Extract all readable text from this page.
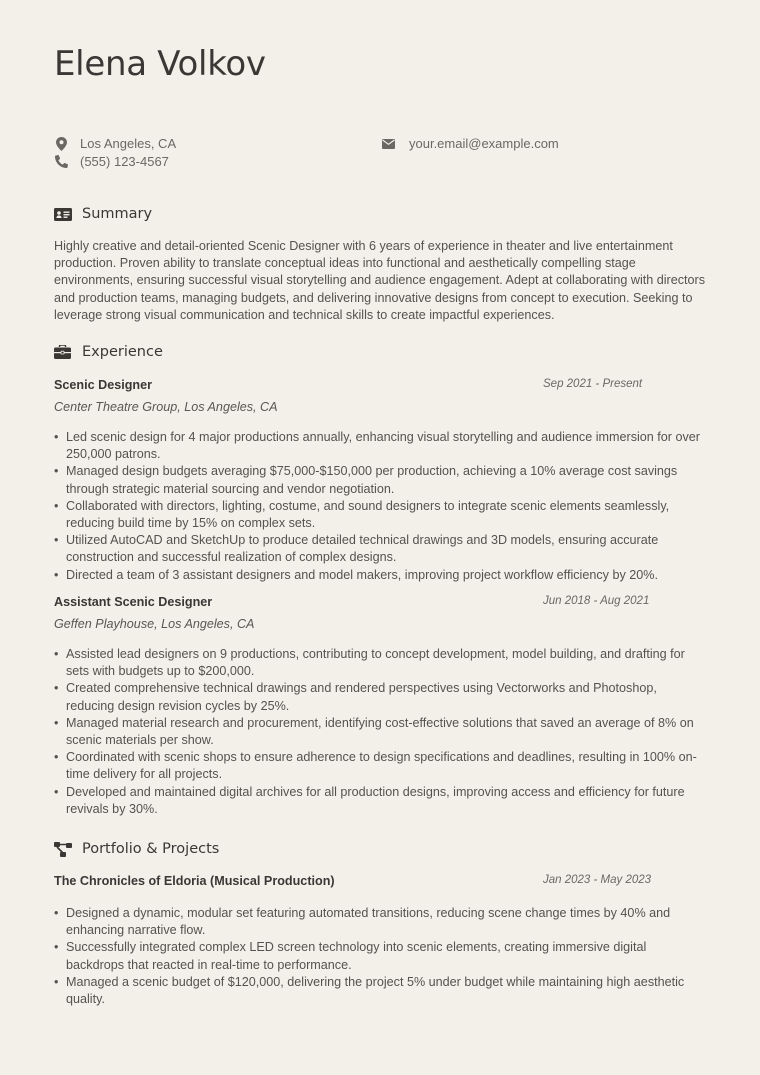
Elena Volkov
Los Angeles, CA
(555) 123-4567
your.email@example.com
Summary

Highly creative and detail-oriented Scenic Designer with 6 years of experience in theater and live entertainment production. Proven ability to translate conceptual ideas into functional and aesthetically compelling stage environments, ensuring successful visual storytelling and audience engagement. Adept at collaborating with directors and production teams, managing budgets, and delivering innovative designs from concept to execution. Seeking to leverage strong visual communication and technical skills to create impactful experiences.

Experience
Scenic Designer	Sep 2021 - Present
Center Theatre Group, Los Angeles, CA
• Led scenic design for 4 major productions annually, enhancing visual storytelling and audience immersion for over 250,000 patrons.
• Managed design budgets averaging $75,000-$150,000 per production, achieving a 10% average cost savings through strategic material sourcing and vendor negotiation.
• Collaborated with directors, lighting, costume, and sound designers to integrate scenic elements seamlessly, reducing build time by 15% on complex sets.
• Utilized AutoCAD and SketchUp to produce detailed technical drawings and 3D models, ensuring accurate construction and successful realization of complex designs.
• Directed a team of 3 assistant designers and model makers, improving project workflow efficiency by 20%.
Assistant Scenic Designer	Jun 2018 - Aug 2021
Geffen Playhouse, Los Angeles, CA
• Assisted lead designers on 9 productions, contributing to concept development, model building, and drafting for sets with budgets up to $200,000.
• Created comprehensive technical drawings and rendered perspectives using Vectorworks and Photoshop, reducing design revision cycles by 25%.
• Managed material research and procurement, identifying cost-effective solutions that saved an average of 8% on scenic materials per show.
• Coordinated with scenic shops to ensure adherence to design specifications and deadlines, resulting in 100% on-time delivery for all projects.
• Developed and maintained digital archives for all production designs, improving access and efficiency for future revivals by 30%.
Portfolio & Projects
The Chronicles of Eldoria (Musical Production)	Jan 2023 - May 2023
• Designed a dynamic, modular set featuring automated transitions, reducing scene change times by 40% and enhancing narrative flow.
• Successfully integrated complex LED screen technology into scenic elements, creating immersive digital backdrops that reacted in real-time to performance.
• Managed a scenic budget of $120,000, delivering the project 5% under budget while maintaining high aesthetic quality.
